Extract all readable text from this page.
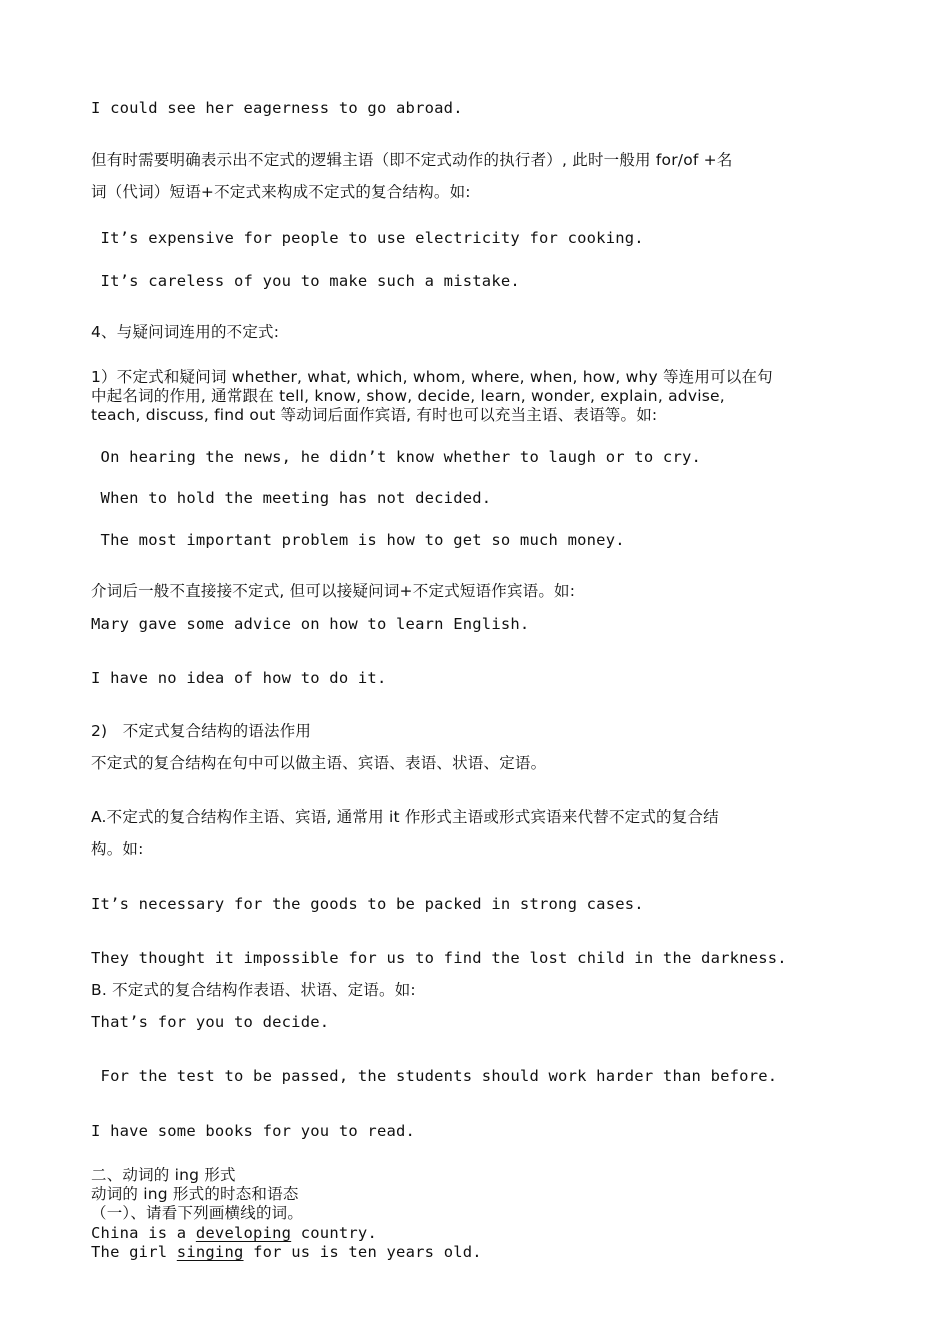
I could see her eagerness to go abroad.
但有时需要明确表示出不定式的逻辑主语（即不定式动作的执行者）, 此时一般用 for/of +名
词（代词）短语+不定式来构成不定式的复合结构。如:
It’s expensive for people to use electricity for cooking.
It’s careless of you to make such a mistake.
4、与疑问词连用的不定式:
1）不定式和疑问词 whether, what, which, whom, where, when, how, why 等连用可以在句
中起名词的作用, 通常跟在 tell, know, show, decide, learn, wonder, explain, advise,
teach, discuss, find out 等动词后面作宾语, 有时也可以充当主语、表语等。如:
On hearing the news, he didn’t know whether to laugh or to cry.
When to hold the meeting has not decided.
The most important problem is how to get so much money.
介词后一般不直接接不定式, 但可以接疑问词+不定式短语作宾语。如:
Mary gave some advice on how to learn English.
I have no idea of how to do it.
2)   不定式复合结构的语法作用
不定式的复合结构在句中可以做主语、宾语、表语、状语、定语。
A.不定式的复合结构作主语、宾语, 通常用 it 作形式主语或形式宾语来代替不定式的复合结
构。如:
It’s necessary for the goods to be packed in strong cases.
They thought it impossible for us to find the lost child in the darkness.
B. 不定式的复合结构作表语、状语、定语。如:
That’s for you to decide.
For the test to be passed, the students should work harder than before.
I have some books for you to read.
二、动词的 ing 形式
动词的 ing 形式的时态和语态
（一）、请看下列画横线的词。
China is a developing country.
The girl singing for us is ten years old.
